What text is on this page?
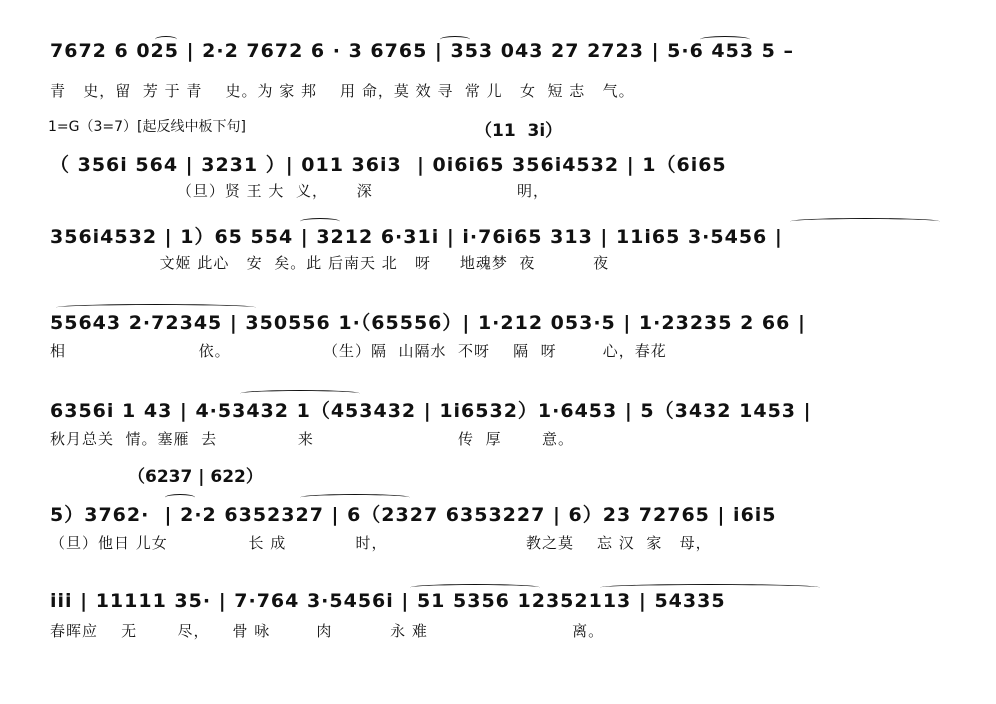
7672 6 025 | 2·2 7672 6 · 3 6765 | 353 043 27 2723 | 5·6 453 5 –
青   史，留  芳 于 青    史。为 家 邦    用 命，莫 效 寻  常 儿   女  短 志   气。
1=G（3=7）[起反线中板下句]	（11  3i）
（ 356i 564 | 3231 ）| 011 36i3  | 0i6i65 356i4532 | 1（6i65
（旦）贤 王 大  义，     深                         明，
356i4532 | 1）65 554 | 3212 6·31i | i·76i65 313 | 11i65 3·5456 |
文姬 此心   安  矣。此 后南天 北   呀     地魂梦  夜          夜
55643 2·72345 | 350556 1·（65556）| 1·212 053·5 | 1·23235 2 66 |
相                       依。                （生）隔  山隔水  不呀    隔  呀        心，春花
6356i 1 43 | 4·53432 1（453432 | 1i6532）1·6453 | 5（3432 1453 |
秋月总关  情。塞雁  去              来                         传  厚       意。
（6237 | 622）
5）3762·  | 2·2 6352327 | 6（2327 6353227 | 6）23 72765 | i6i5
（旦）他日 儿女              长 成            时，                        教之莫    忘 汉  家   母，
iii | 11111 35· | 7·764 3·5456i | 51 5356 12352113 | 54335
春晖应    无       尽，    骨 咏        肉          永 难                         离。
